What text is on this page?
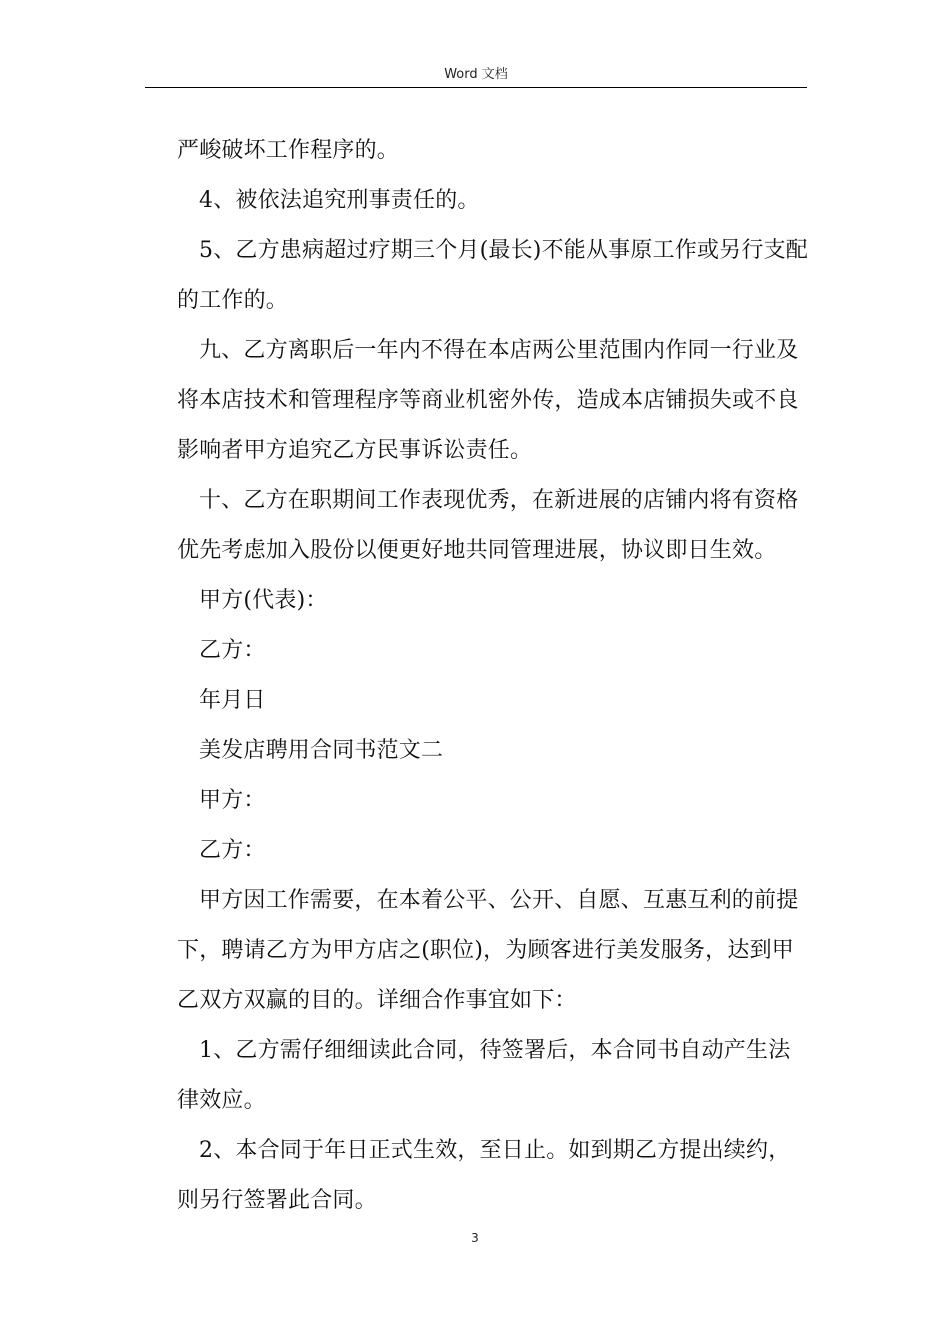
Word 文档
严峻破坏工作程序的。
4、被依法追究刑事责任的。
5、乙方患病超过疗期三个月(最长)不能从事原工作或另行支配
的工作的。
九、乙方离职后一年内不得在本店两公里范围内作同一行业及
将本店技术和管理程序等商业机密外传，造成本店铺损失或不良
影响者甲方追究乙方民事诉讼责任。
十、乙方在职期间工作表现优秀，在新进展的店铺内将有资格
优先考虑加入股份以便更好地共同管理进展，协议即日生效。
甲方(代表)：
乙方：
年月日
美发店聘用合同书范文二
甲方：
乙方：
甲方因工作需要，在本着公平、公开、自愿、互惠互利的前提
下，聘请乙方为甲方店之(职位)，为顾客进行美发服务，达到甲
乙双方双赢的目的。详细合作事宜如下：
1、乙方需仔细细读此合同，待签署后，本合同书自动产生法
律效应。
2、本合同于年日正式生效，至日止。如到期乙方提出续约，
则另行签署此合同。
3
